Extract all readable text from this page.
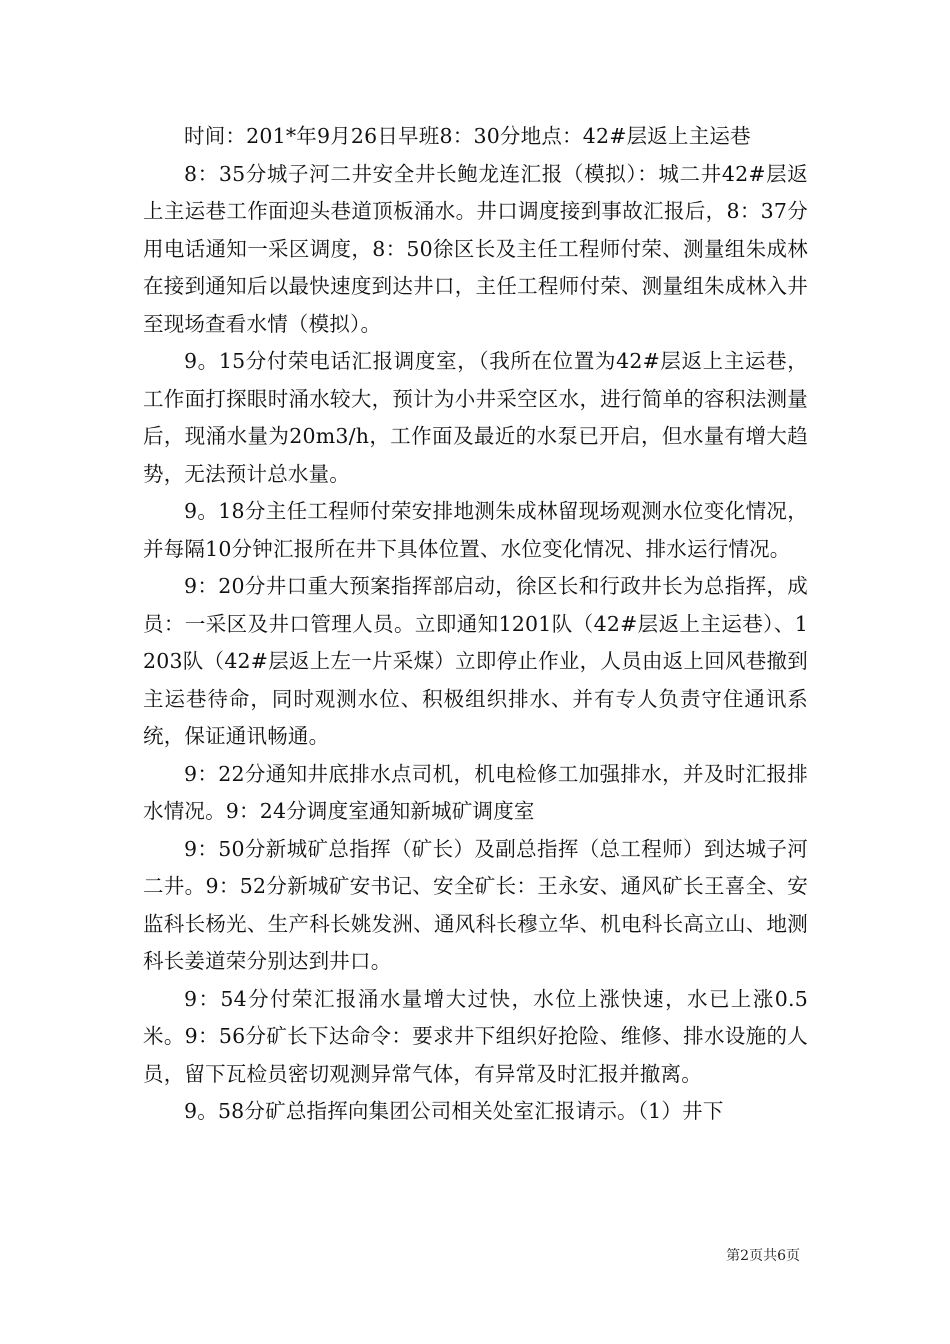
时间：201*年9月26日早班8：30分地点：42#层返上主运巷

8：35分城子河二井安全井长鲍龙连汇报（模拟）：城二井42#层返上主运巷工作面迎头巷道顶板涌水。井口调度接到事故汇报后，8：37分用电话通知一采区调度，8：50徐区长及主任工程师付荣、测量组朱成林在接到通知后以最快速度到达井口，主任工程师付荣、测量组朱成林入井至现场查看水情（模拟）。

9。15分付荣电话汇报调度室，（我所在位置为42#层返上主运巷，工作面打探眼时涌水较大，预计为小井采空区水，进行简单的容积法测量后，现涌水量为20m3/h，工作面及最近的水泵已开启，但水量有增大趋势，无法预计总水量。

9。18分主任工程师付荣安排地测朱成林留现场观测水位变化情况，并每隔10分钟汇报所在井下具体位置、水位变化情况、排水运行情况。

9：20分井口重大预案指挥部启动，徐区长和行政井长为总指挥，成员：一采区及井口管理人员。立即通知1201队（42#层返上主运巷）、1203队（42#层返上左一片采煤）立即停止作业，人员由返上回风巷撤到主运巷待命，同时观测水位、积极组织排水、并有专人负责守住通讯系统，保证通讯畅通。

9：22分通知井底排水点司机，机电检修工加强排水，并及时汇报排水情况。9：24分调度室通知新城矿调度室

9：50分新城矿总指挥（矿长）及副总指挥（总工程师）到达城子河二井。9：52分新城矿安书记、安全矿长：王永安、通风矿长王喜全、安监科长杨光、生产科长姚发洲、通风科长穆立华、机电科长高立山、地测科长姜道荣分别达到井口。

9：54分付荣汇报涌水量增大过快，水位上涨快速，水已上涨0.5米。9：56分矿长下达命令：要求井下组织好抢险、维修、排水设施的人员，留下瓦检员密切观测异常气体，有异常及时汇报并撤离。

9。58分矿总指挥向集团公司相关处室汇报请示。（1）井下

第2页共6页
